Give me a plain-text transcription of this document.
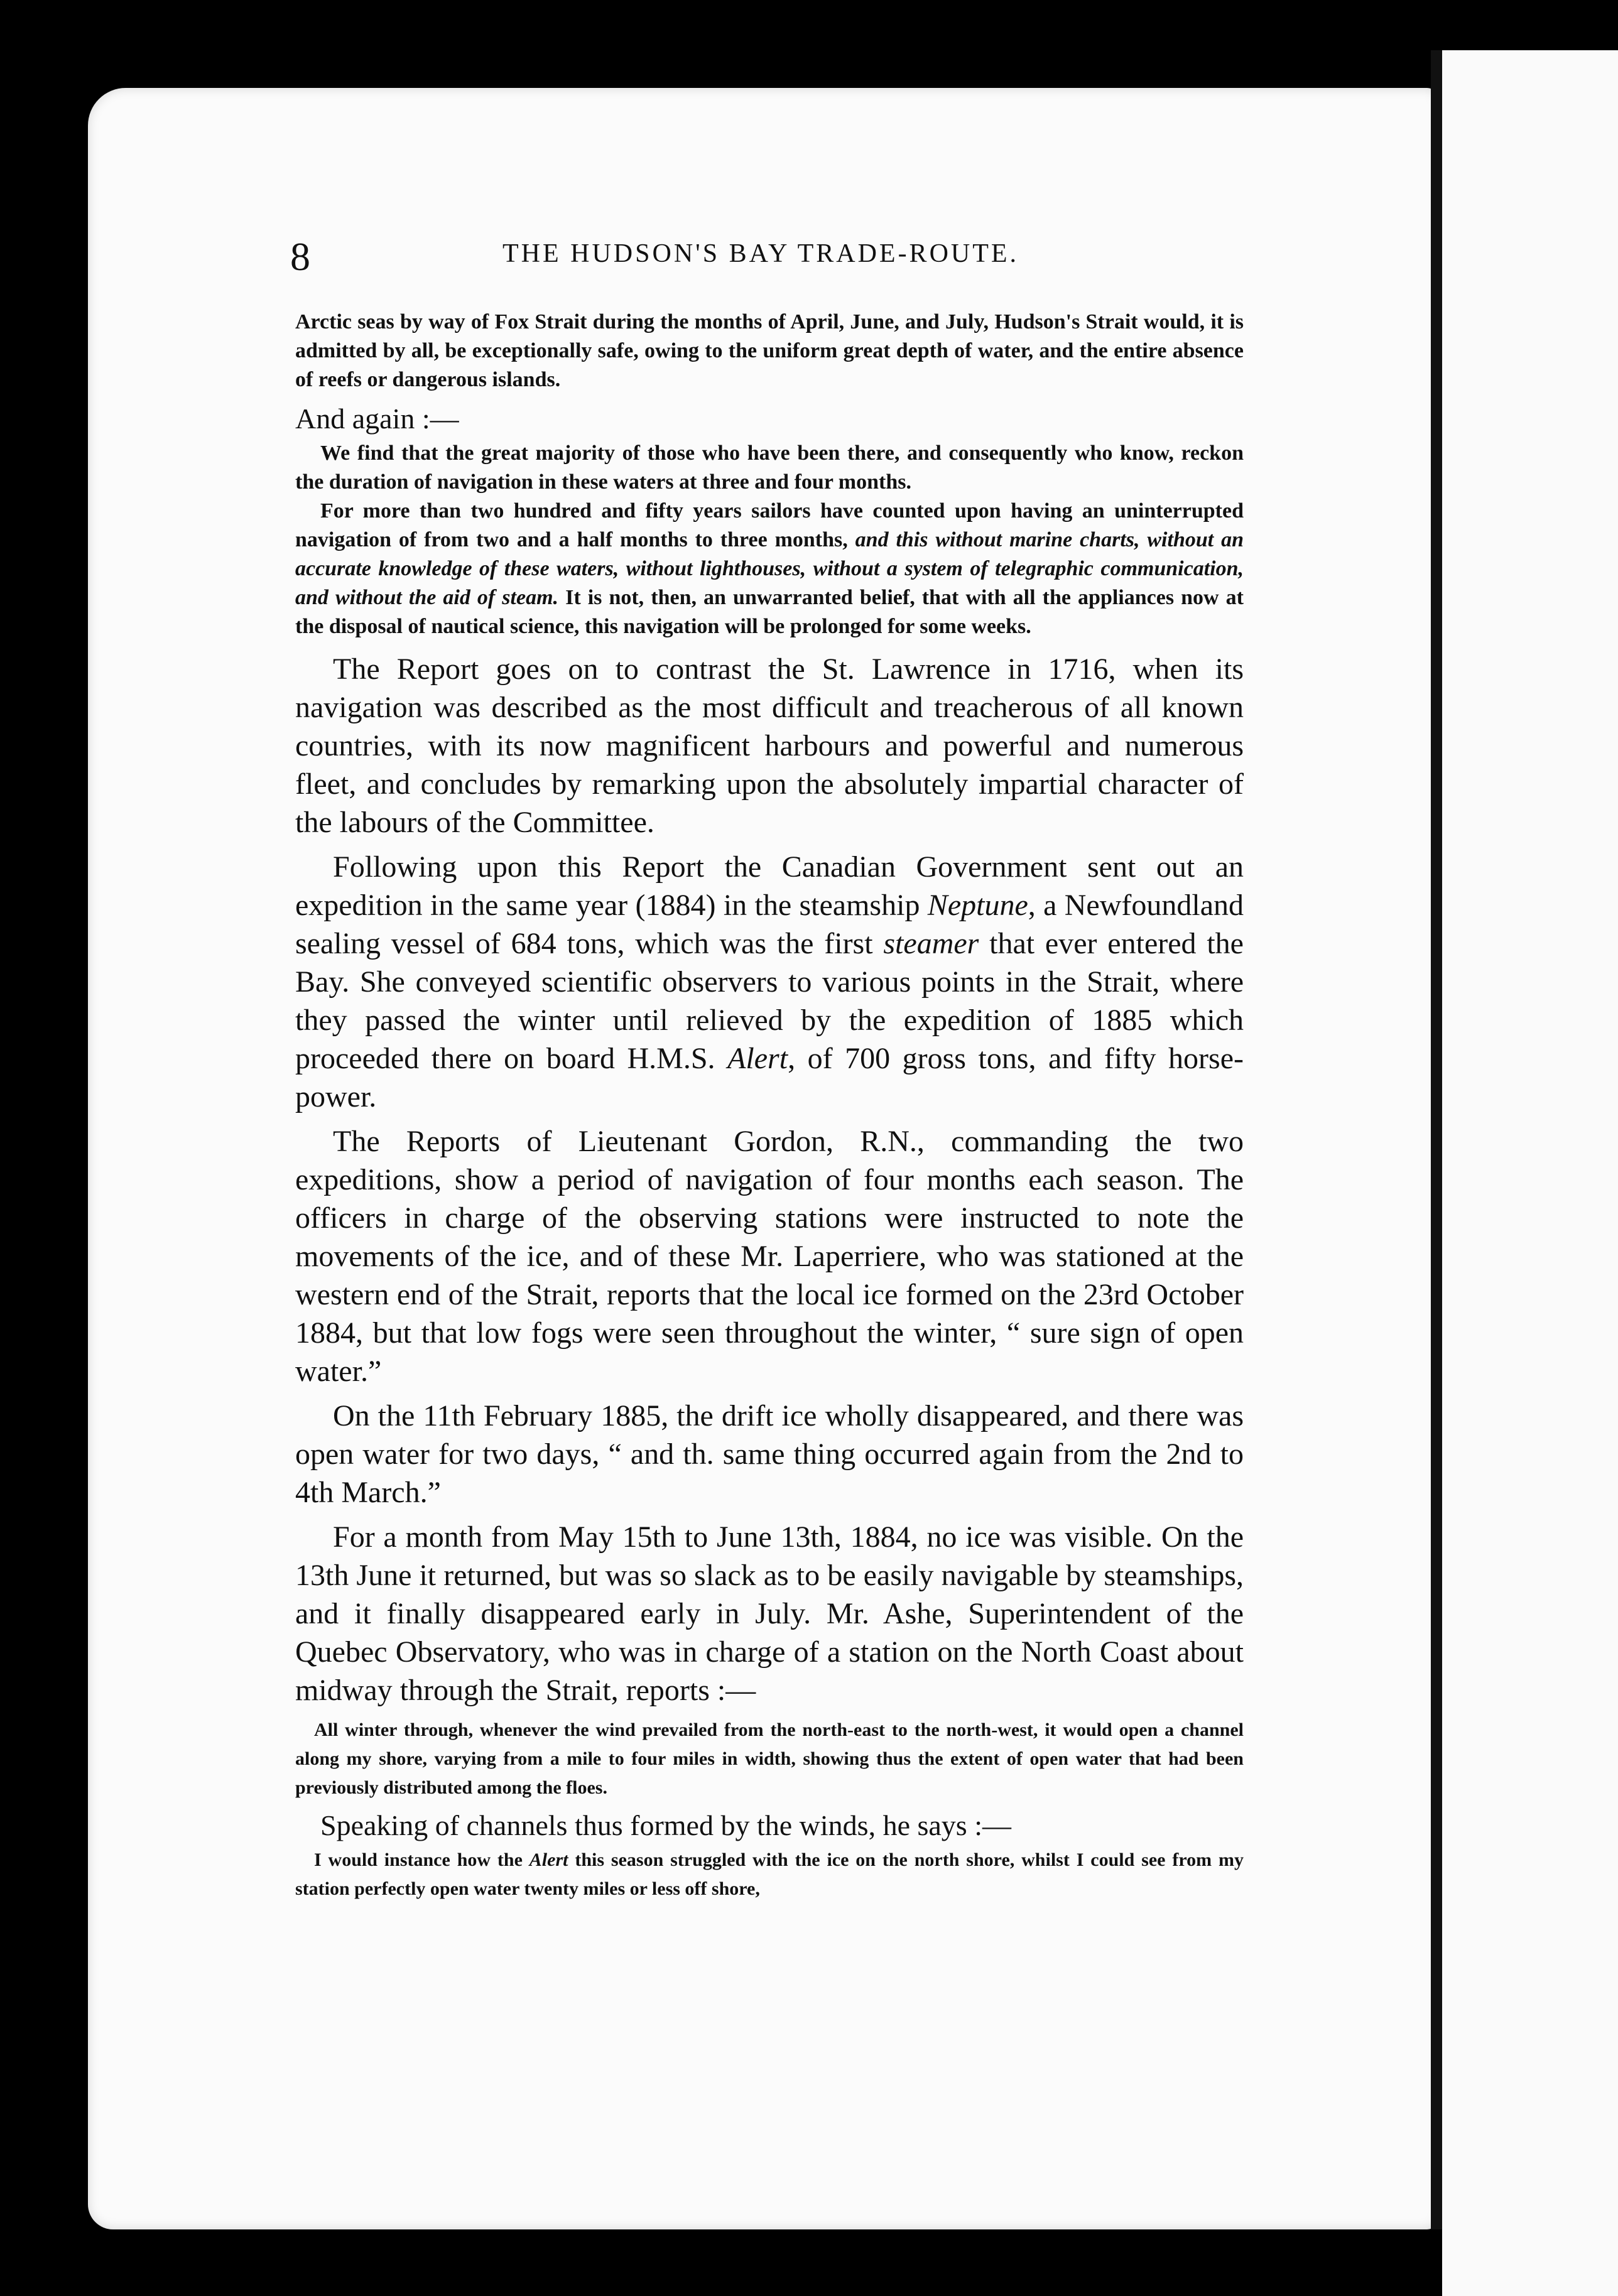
8	THE HUDSON'S BAY TRADE-ROUTE.

Arctic seas by way of Fox Strait during the months of April, June, and July, Hudson's Strait would, it is admitted by all, be exceptionally safe, owing to the uniform great depth of water, and the entire absence of reefs or dangerous islands.

And again :—

We find that the great majority of those who have been there, and consequently who know, reckon the duration of navigation in these waters at three and four months.

For more than two hundred and fifty years sailors have counted upon having an uninterrupted navigation of from two and a half months to three months, and this without marine charts, without an accurate knowledge of these waters, without lighthouses, without a system of telegraphic communication, and without the aid of steam. It is not, then, an unwarranted belief, that with all the appliances now at the disposal of nautical science, this navigation will be prolonged for some weeks.

The Report goes on to contrast the St. Lawrence in 1716, when its navigation was described as the most difficult and treacherous of all known countries, with its now magnificent harbours and powerful and numerous fleet, and concludes by remarking upon the absolutely impartial character of the labours of the Committee.

Following upon this Report the Canadian Government sent out an expedition in the same year (1884) in the steamship Neptune, a Newfoundland sealing vessel of 684 tons, which was the first steamer that ever entered the Bay. She conveyed scientific observers to various points in the Strait, where they passed the winter until relieved by the expedition of 1885 which proceeded there on board H.M.S. Alert, of 700 gross tons, and fifty horse-power.

The Reports of Lieutenant Gordon, R.N., commanding the two expeditions, show a period of navigation of four months each season. The officers in charge of the observing stations were instructed to note the movements of the ice, and of these Mr. Laperriere, who was stationed at the western end of the Strait, reports that the local ice formed on the 23rd October 1884, but that low fogs were seen throughout the winter, “ sure sign of open water.”

On the 11th February 1885, the drift ice wholly disappeared, and there was open water for two days, “ and th. same thing occurred again from the 2nd to 4th March.”

For a month from May 15th to June 13th, 1884, no ice was visible. On the 13th June it returned, but was so slack as to be easily navigable by steamships, and it finally disappeared early in July. Mr. Ashe, Superintendent of the Quebec Observatory, who was in charge of a station on the North Coast about midway through the Strait, reports :—

All winter through, whenever the wind prevailed from the north-east to the north-west, it would open a channel along my shore, varying from a mile to four miles in width, showing thus the extent of open water that had been previously distributed among the floes.

Speaking of channels thus formed by the winds, he says :—

I would instance how the Alert this season struggled with the ice on the north shore, whilst I could see from my station perfectly open water twenty miles or less off shore,
